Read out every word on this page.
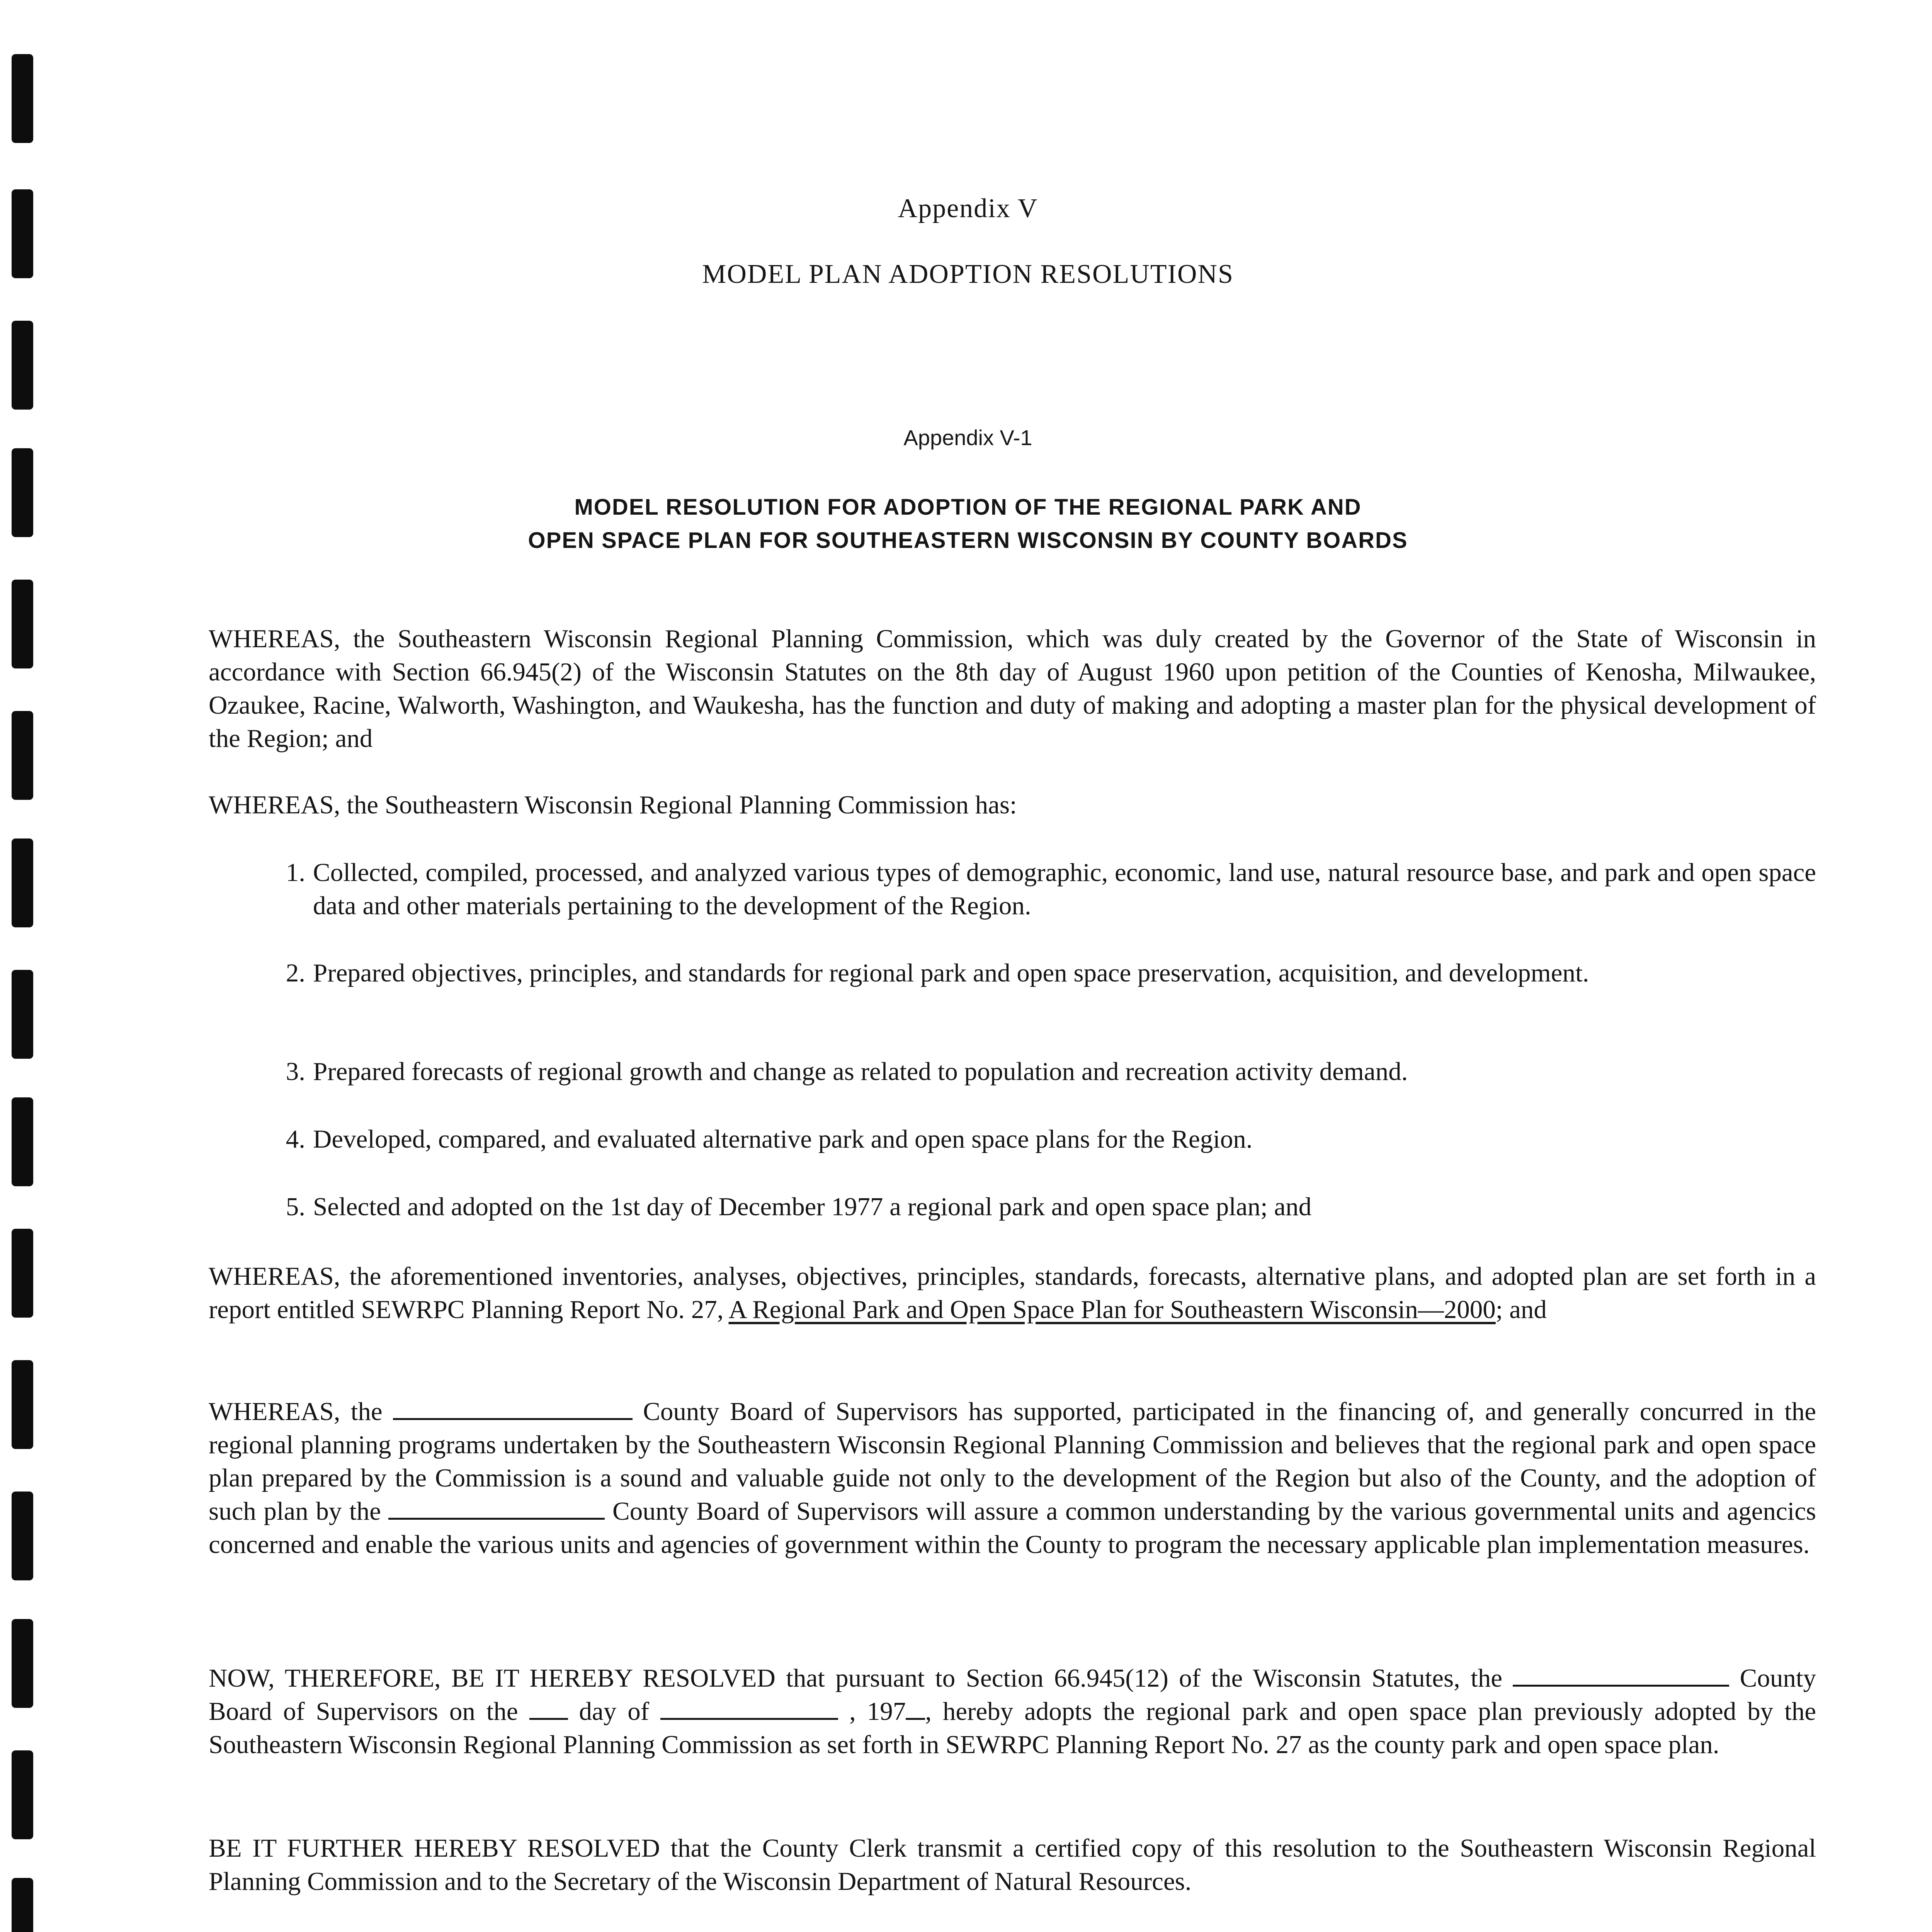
Appendix V
MODEL PLAN ADOPTION RESOLUTIONS
Appendix V-1
MODEL RESOLUTION FOR ADOPTION OF THE REGIONAL PARK AND
OPEN SPACE PLAN FOR SOUTHEASTERN WISCONSIN BY COUNTY BOARDS
WHEREAS, the Southeastern Wisconsin Regional Planning Commission, which was duly created by the Governor of the State of Wisconsin in accordance with Section 66.945(2) of the Wisconsin Statutes on the 8th day of August 1960 upon petition of the Counties of Kenosha, Milwaukee, Ozaukee, Racine, Walworth, Washington, and Waukesha, has the function and duty of making and adopting a master plan for the physical development of the Region; and
WHEREAS, the Southeastern Wisconsin Regional Planning Commission has:
1. Collected, compiled, processed, and analyzed various types of demographic, economic, land use, natural resource base, and park and open space data and other materials pertaining to the development of the Region.
2. Prepared objectives, principles, and standards for regional park and open space preservation, acquisition, and development.
3. Prepared forecasts of regional growth and change as related to population and recreation activity demand.
4. Developed, compared, and evaluated alternative park and open space plans for the Region.
5. Selected and adopted on the 1st day of December 1977 a regional park and open space plan; and
WHEREAS, the aforementioned inventories, analyses, objectives, principles, standards, forecasts, alternative plans, and adopted plan are set forth in a report entitled SEWRPC Planning Report No. 27, A Regional Park and Open Space Plan for Southeastern Wisconsin—2000; and
WHEREAS, the	County Board of Supervisors has supported, participated in the financing of, and generally concurred in the regional planning programs undertaken by the Southeastern Wisconsin Regional Planning Commission and believes that the regional park and open space plan prepared by the Commission is a sound and valuable guide not only to the development of the Region but also of the County, and the adoption of such plan by the	County Board of Supervisors will assure a common understanding by the various governmental units and agencics concerned and enable the various units and agencies of government within the County to program the necessary applicable plan implementation measures.
NOW, THEREFORE, BE IT HEREBY RESOLVED that pursuant to Section 66.945(12) of the Wisconsin Statutes, the	County Board of Supervisors on the  day of	, 197 , hereby adopts the regional park and open space plan previously adopted by the Southeastern Wisconsin Regional Planning Commission as set forth in SEWRPC Planning Report No. 27 as the county park and open space plan.
BE IT FURTHER HEREBY RESOLVED that the County Clerk transmit a certified copy of this resolution to the Southeastern Wisconsin Regional Planning Commission and to the Secretary of the Wisconsin Department of Natural Resources.
